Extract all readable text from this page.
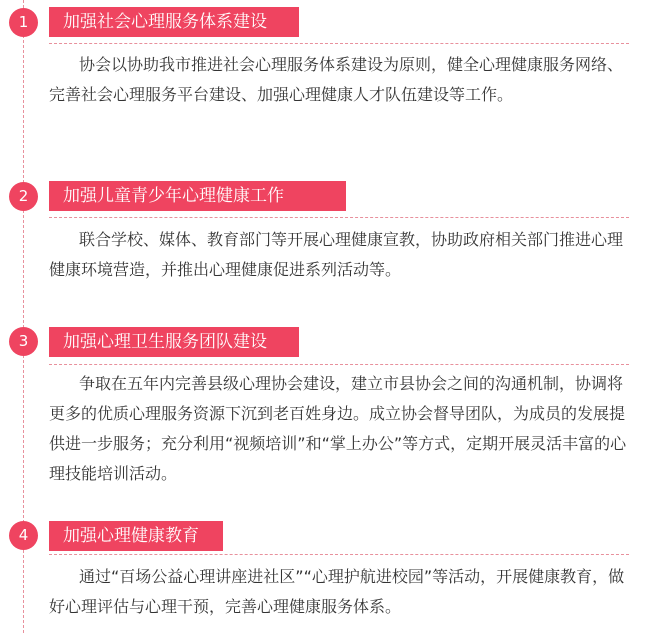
1	加强社会心理服务体系建设

协会以协助我市推进社会心理服务体系建设为原则，健全心理健康服务网络、完善社会心理服务平台建设、加强心理健康人才队伍建设等工作。

2	加强儿童青少年心理健康工作

联合学校、媒体、教育部门等开展心理健康宣教，协助政府相关部门推进心理健康环境营造，并推出心理健康促进系列活动等。

3	加强心理卫生服务团队建设

争取在五年内完善县级心理协会建设，建立市县协会之间的沟通机制，协调将更多的优质心理服务资源下沉到老百姓身边。成立协会督导团队，为成员的发展提供进一步服务；充分利用“视频培训”和“掌上办公”等方式，定期开展灵活丰富的心理技能培训活动。

4	加强心理健康教育

通过“百场公益心理讲座进社区”“心理护航进校园”等活动，开展健康教育，做好心理评估与心理干预，完善心理健康服务体系。
